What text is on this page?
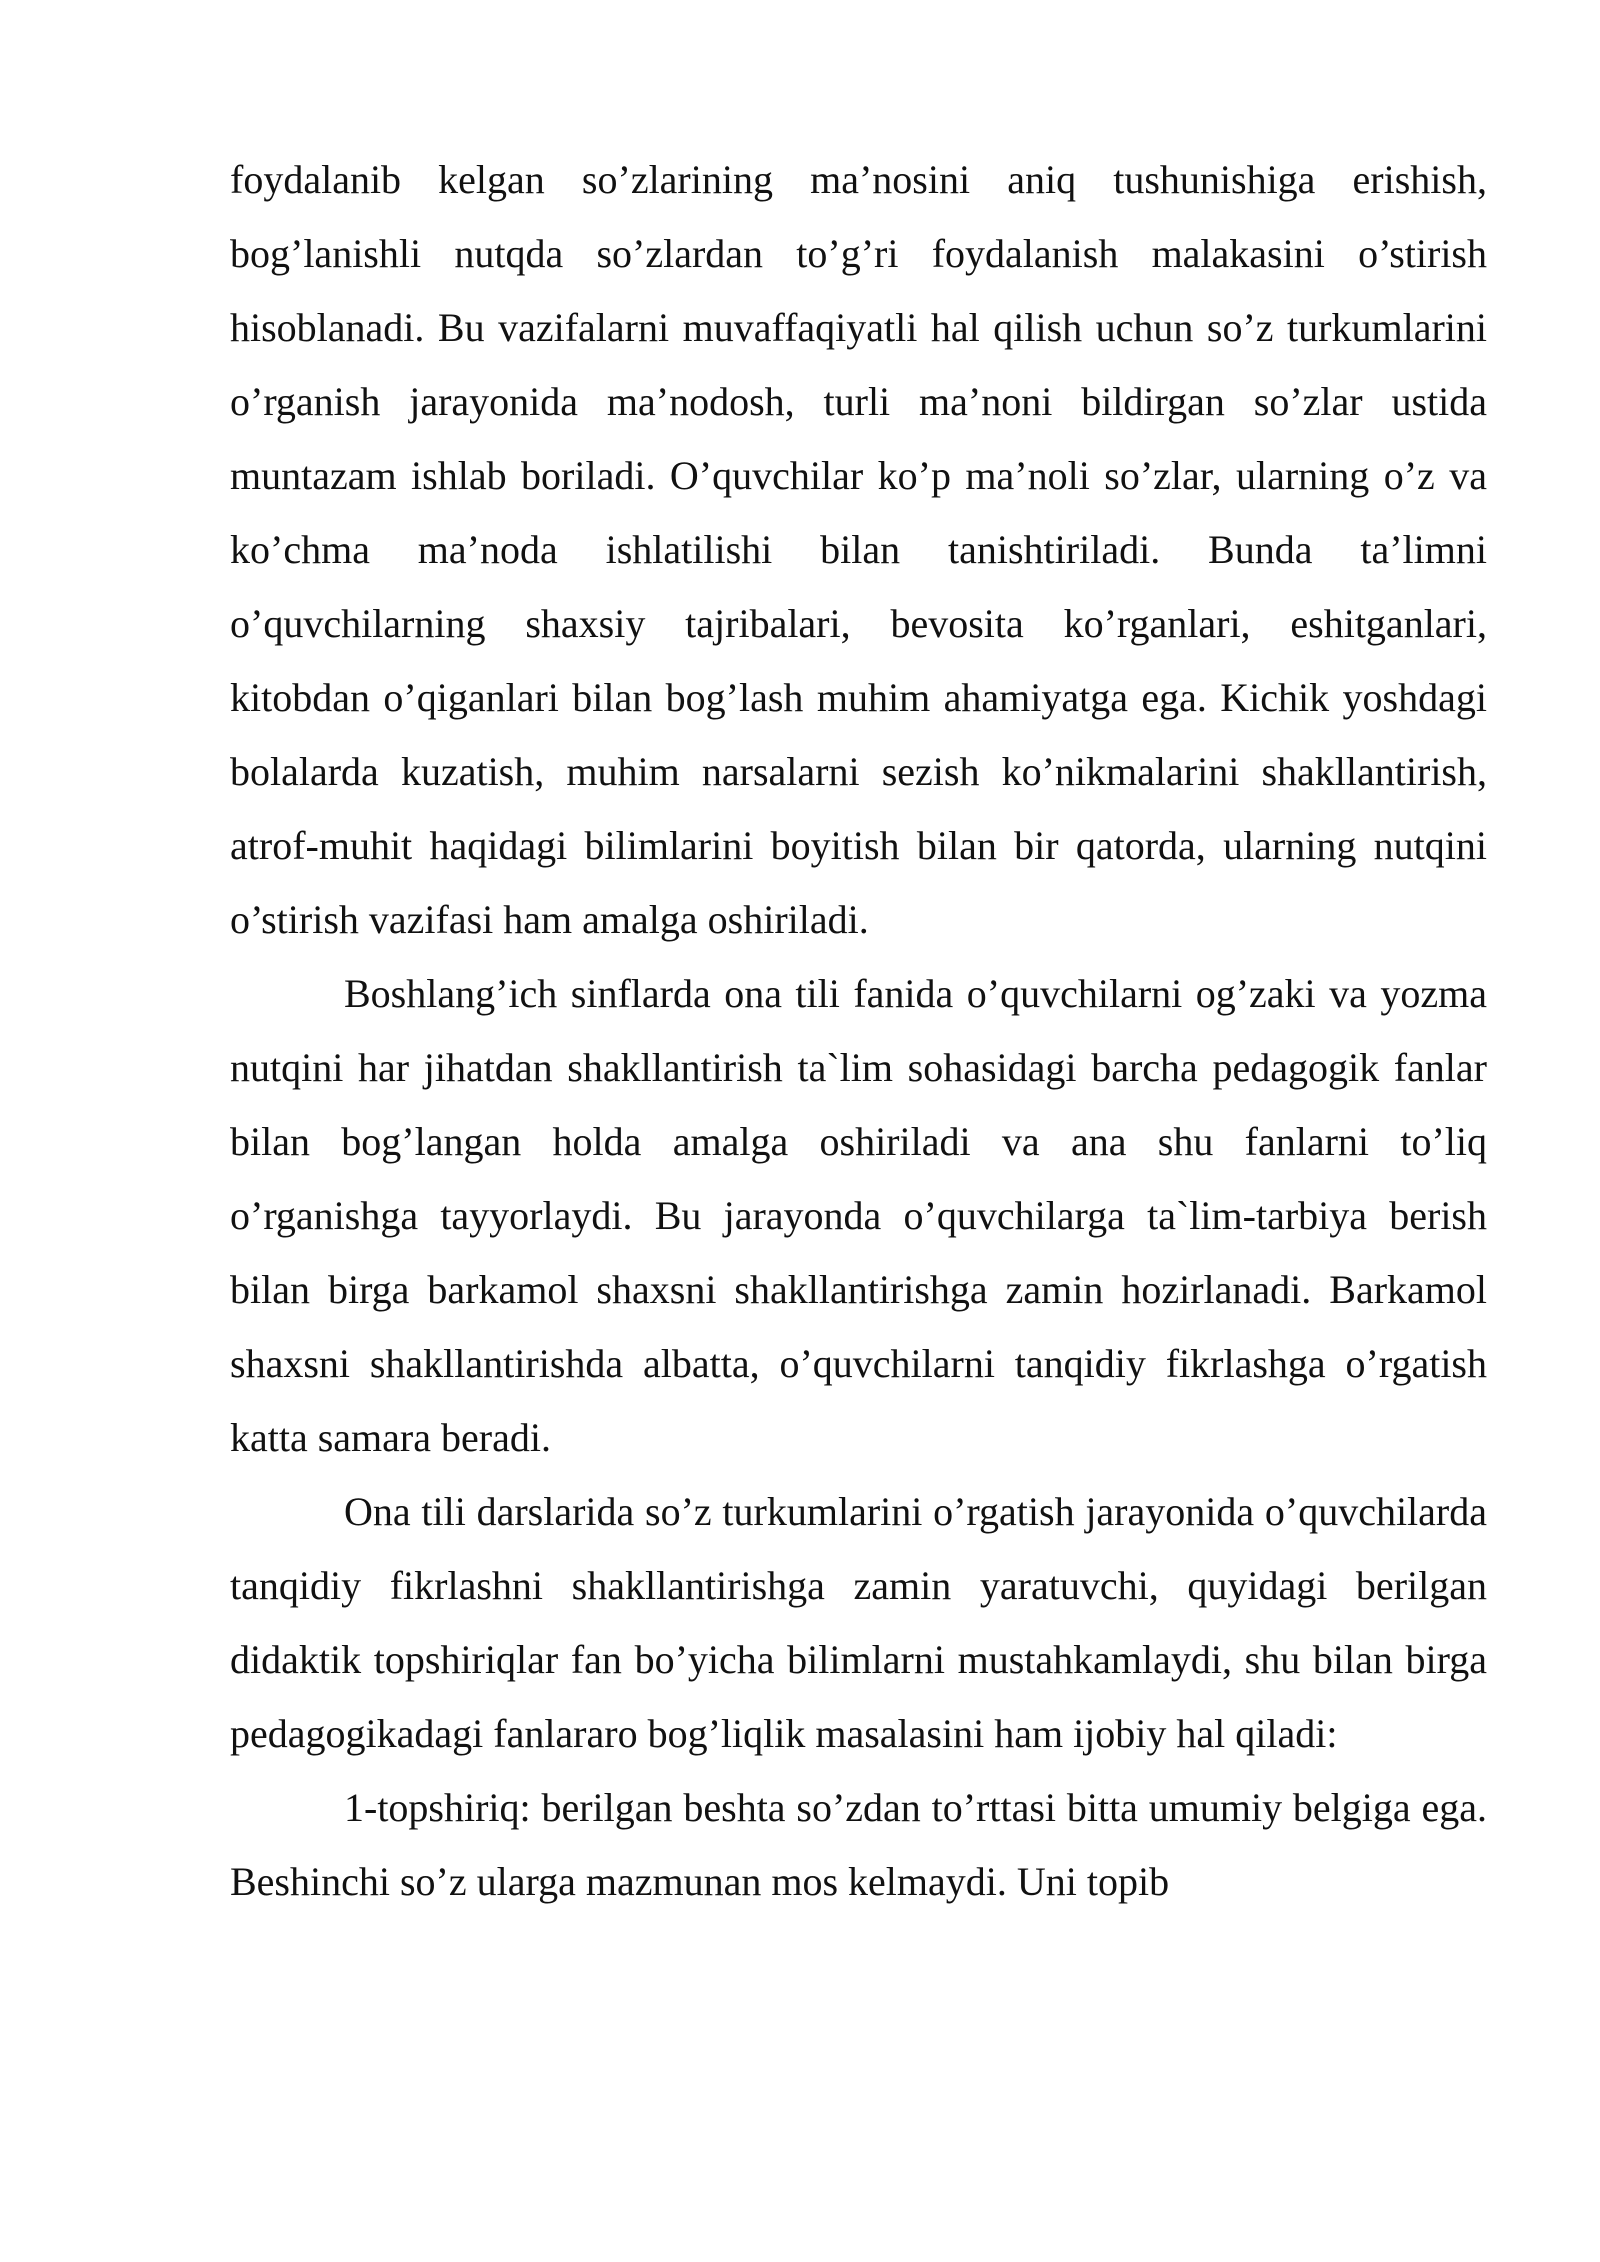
foydalanib kelgan so’zlarining ma’nosini aniq tushunishiga erishish, bog’lanishli nutqda so’zlardan to’g’ri foydalanish malakasini o’stirish hisoblanadi. Bu vazifalarni muvaffaqiyatli hal qilish uchun so’z turkumlarini o’rganish jarayonida ma’nodosh, turli ma’noni bildirgan so’zlar ustida muntazam ishlab boriladi. O’quvchilar ko’p ma’noli so’zlar, ularning o’z va ko’chma ma’noda ishlatilishi bilan tanishtiriladi. Bunda ta’limni o’quvchilarning shaxsiy tajribalari, bevosita ko’rganlari, eshitganlari, kitobdan o’qiganlari bilan bog’lash muhim ahamiyatga ega. Kichik yoshdagi bolalarda kuzatish, muhim narsalarni sezish ko’nikmalarini shakllantirish, atrof-muhit haqidagi bilimlarini boyitish bilan bir qatorda, ularning nutqini o’stirish vazifasi ham amalga oshiriladi.

Boshlang’ich sinflarda ona tili fanida o’quvchilarni og’zaki va yozma nutqini har jihatdan shakllantirish ta`lim sohasidagi barcha pedagogik fanlar bilan bog’langan holda amalga oshiriladi va ana shu fanlarni to’liq o’rganishga tayyorlaydi. Bu jarayonda o’quvchilarga ta`lim-tarbiya berish bilan birga barkamol shaxsni shakllantirishga zamin hozirlanadi. Barkamol shaxsni shakllantirishda albatta, o’quvchilarni tanqidiy fikrlashga o’rgatish katta samara beradi.

Ona tili darslarida so’z turkumlarini o’rgatish jarayonida o’quvchilarda tanqidiy fikrlashni shakllantirishga zamin yaratuvchi, quyidagi berilgan didaktik topshiriqlar fan bo’yicha bilimlarni mustahkamlaydi, shu bilan birga pedagogikadagi fanlararo bog’liqlik masalasini ham ijobiy hal qiladi:

1-topshiriq: berilgan beshta so’zdan to’rttasi bitta umumiy belgiga ega. Beshinchi so’z ularga mazmunan mos kelmaydi. Uni topib
